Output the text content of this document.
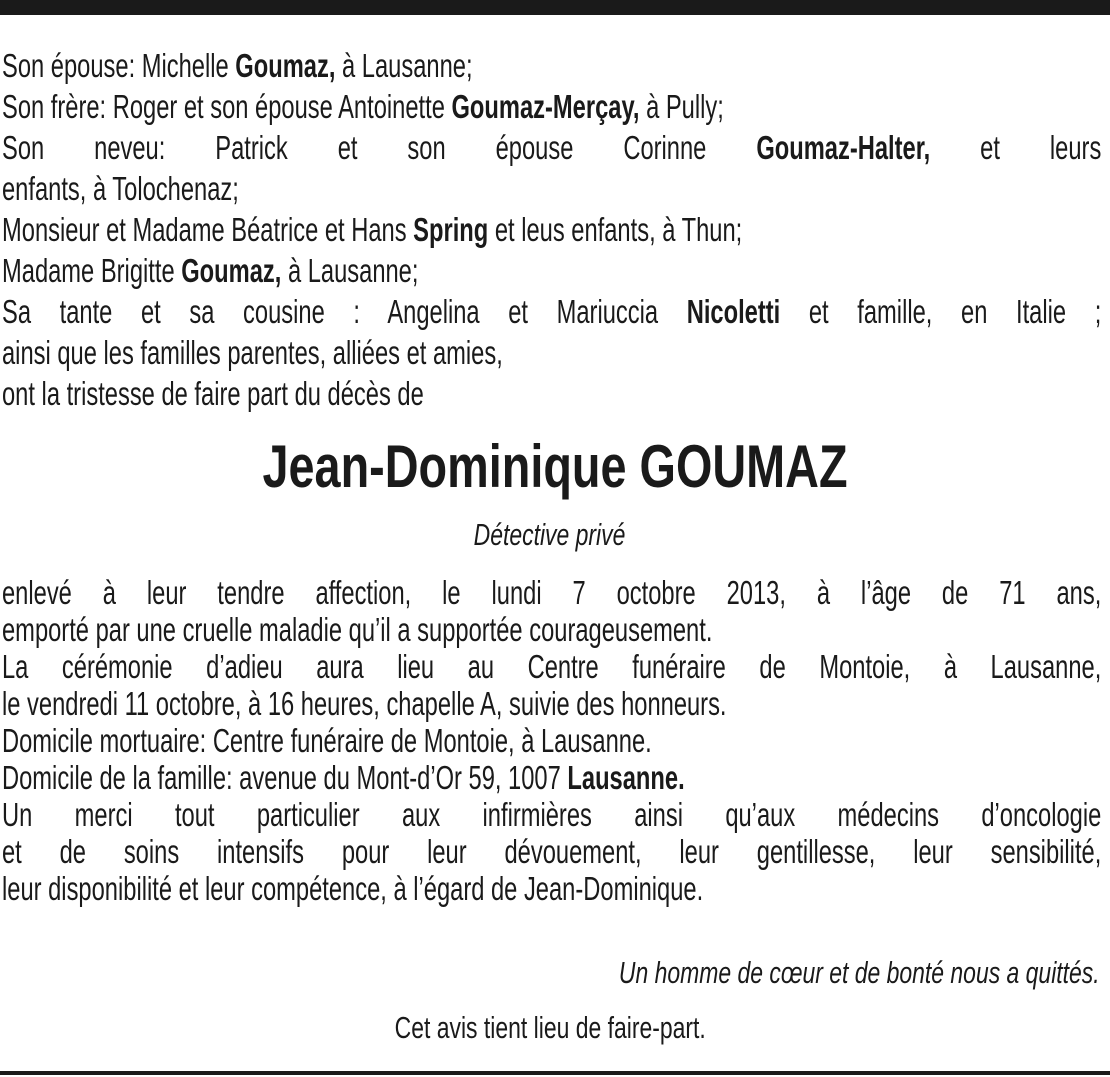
Son épouse: Michelle Goumaz, à Lausanne;
Son frère: Roger et son épouse Antoinette Goumaz-Merçay, à Pully;
Son neveu: Patrick et son épouse Corinne Goumaz-Halter, et leurs
enfants, à Tolochenaz;
Monsieur et Madame Béatrice et Hans Spring et leus enfants, à Thun;
Madame Brigitte Goumaz, à Lausanne;
Sa tante et sa cousine : Angelina et Mariuccia Nicoletti et famille, en Italie ;
ainsi que les familles parentes, alliées et amies,
ont la tristesse de faire part du décès de
Jean-Dominique GOUMAZ
Détective privé
enlevé à leur tendre affection, le lundi 7 octobre 2013, à l’âge de 71 ans,
emporté par une cruelle maladie qu’il a supportée courageusement.
La cérémonie d’adieu aura lieu au Centre funéraire de Montoie, à Lausanne,
le vendredi 11 octobre, à 16 heures, chapelle A, suivie des honneurs.
Domicile mortuaire: Centre funéraire de Montoie, à Lausanne.
Domicile de la famille: avenue du Mont-d’Or 59, 1007 Lausanne.
Un merci tout particulier aux infirmières ainsi qu’aux médecins d’oncologie
et de soins intensifs pour leur dévouement, leur gentillesse, leur sensibilité,
leur disponibilité et leur compétence, à l’égard de Jean-Dominique.
Un homme de cœur et de bonté nous a quittés.
Cet avis tient lieu de faire-part.
